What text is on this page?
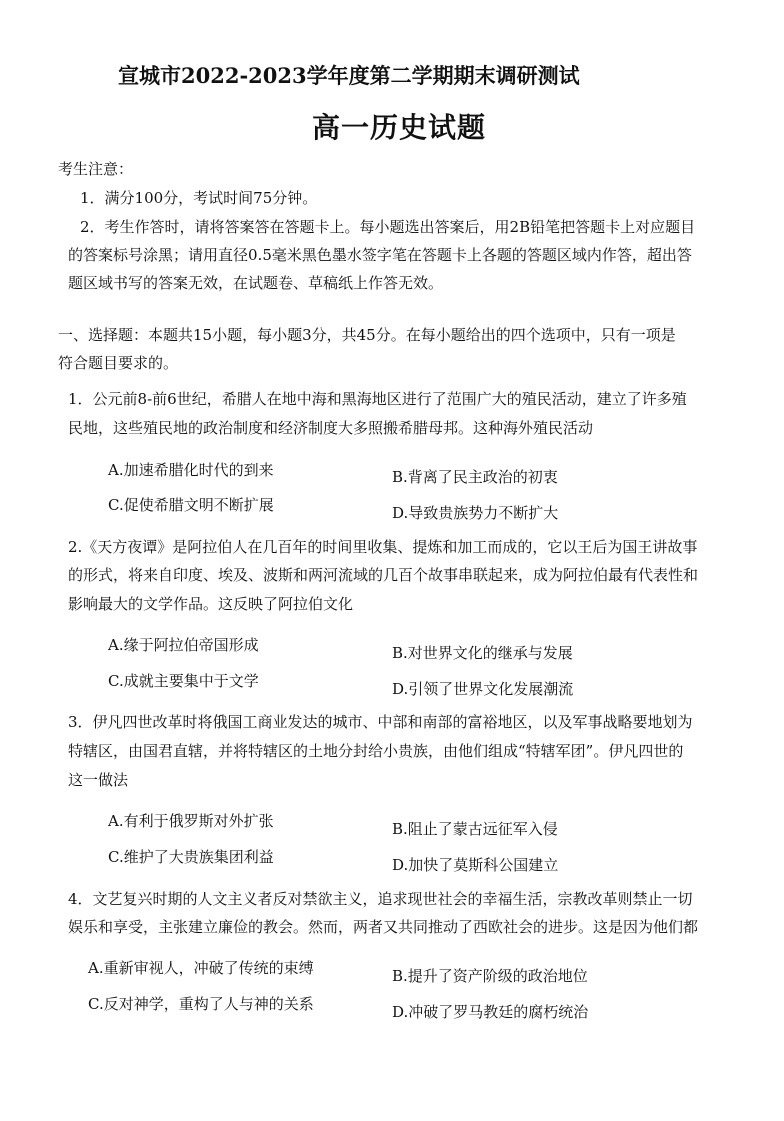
宣城市2022-2023学年度第二学期期末调研测试
高一历史试题
考生注意：
1．满分100分，考试时间75分钟。
2．考生作答时，请将答案答在答题卡上。每小题选出答案后，用2B铅笔把答题卡上对应题目
的答案标号涂黑；请用直径0.5毫米黑色墨水签字笔在答题卡上各题的答题区域内作答，超出答
题区域书写的答案无效，在试题卷、草稿纸上作答无效。
一、选择题：本题共15小题，每小题3分，共45分。在每小题给出的四个选项中，只有一项是
符合题目要求的。
1．公元前8-前6世纪，希腊人在地中海和黑海地区进行了范围广大的殖民活动，建立了许多殖
民地，这些殖民地的政治制度和经济制度大多照搬希腊母邦。这种海外殖民活动
A.加速希腊化时代的到来	B.背离了民主政治的初衷
C.促使希腊文明不断扩展	D.导致贵族势力不断扩大
2.《天方夜谭》是阿拉伯人在几百年的时间里收集、提炼和加工而成的，它以王后为国王讲故事
的形式，将来自印度、埃及、波斯和两河流域的几百个故事串联起来，成为阿拉伯最有代表性和
影响最大的文学作品。这反映了阿拉伯文化
A.缘于阿拉伯帝国形成	B.对世界文化的继承与发展
C.成就主要集中于文学	D.引领了世界文化发展潮流
3．伊凡四世改革时将俄国工商业发达的城市、中部和南部的富裕地区，以及军事战略要地划为
特辖区，由国君直辖，并将特辖区的土地分封给小贵族，由他们组成“特辖军团”。伊凡四世的
这一做法
A.有利于俄罗斯对外扩张	B.阻止了蒙古远征军入侵
C.维护了大贵族集团利益	D.加快了莫斯科公国建立
4．文艺复兴时期的人文主义者反对禁欲主义，追求现世社会的幸福生活，宗教改革则禁止一切
娱乐和享受，主张建立廉俭的教会。然而，两者又共同推动了西欧社会的进步。这是因为他们都
A.重新审视人，冲破了传统的束缚	B.提升了资产阶级的政治地位
C.反对神学，重构了人与神的关系	D.冲破了罗马教廷的腐朽统治
